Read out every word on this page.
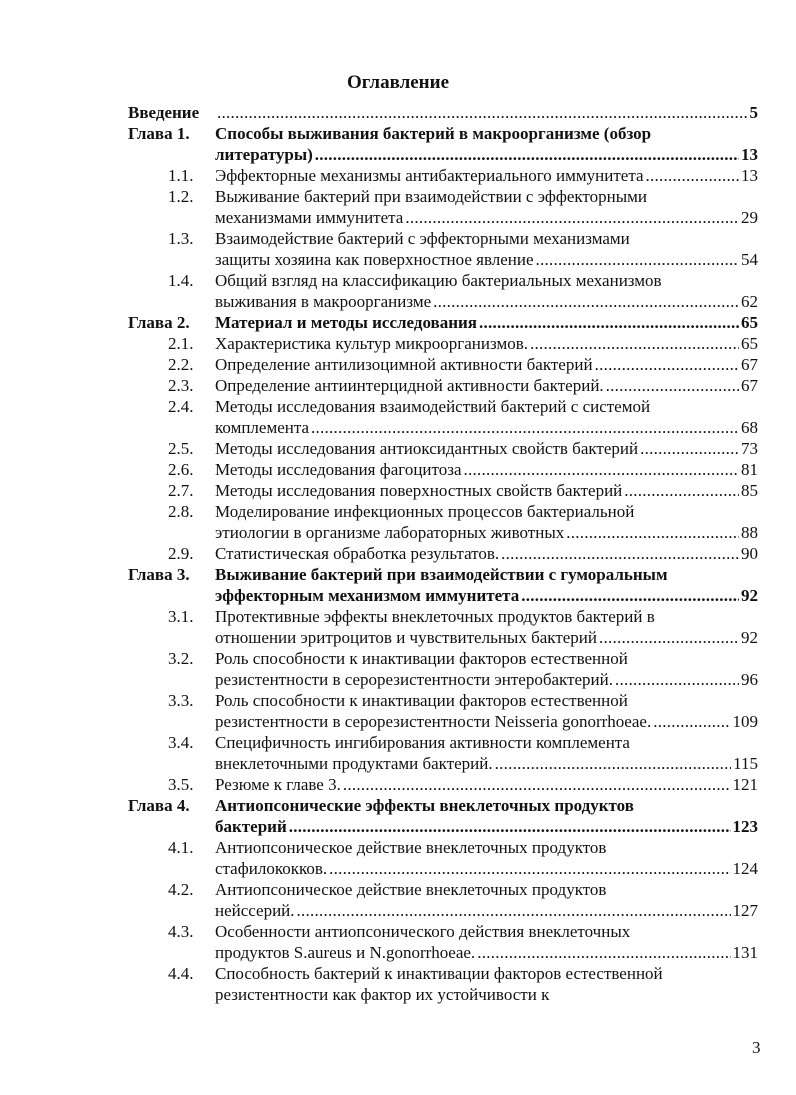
Оглавление
Введение . . .	5
Глава 1.	Способы выживания бактерий в макроорганизме (обзор
литературы) . . .	13
1.1.	Эффекторные механизмы антибактериального иммунитета . . .	13
1.2.	Выживание бактерий при взаимодействии с эффекторными
механизмами иммунитета . . .	29
1.3.	Взаимодействие бактерий с эффекторными механизмами
защиты хозяина как поверхностное явление . . .	54
1.4.	Общий взгляд на классификацию бактериальных механизмов
выживания в макроорганизме . . .	62
Глава 2.	Материал и методы исследования . . .	65
2.1.	Характеристика культур микроорганизмов. . . .	65
2.2.	Определение антилизоцимной активности бактерий . . .	67
2.3.	Определение антиинтерцидной активности бактерий. . . .	67
2.4.	Методы исследования взаимодействий бактерий с системой
комплемента . . .	68
2.5.	Методы исследования антиоксидантных свойств бактерий . . .	73
2.6.	Методы исследования фагоцитоза . . .	81
2.7.	Методы исследования поверхностных свойств бактерий . . .	85
2.8.	Моделирование инфекционных процессов бактериальной
этиологии в организме лабораторных животных . . .	88
2.9.	Статистическая обработка результатов. . . .	90
Глава 3.	Выживание бактерий при взаимодействии с гуморальным
эффекторным механизмом иммунитета . . .	92
3.1.	Протективные эффекты внеклеточных продуктов бактерий в
отношении эритроцитов и чувствительных бактерий . . .	92
3.2.	Роль способности к инактивации факторов естественной
резистентности в серорезистентности энтеробактерий. . . .	96
3.3.	Роль способности к инактивации факторов естественной
резистентности в серорезистентности Neisseria gonorrhoeae. . . .	109
3.4.	Специфичность ингибирования активности комплемента
внеклеточными продуктами бактерий. . . .	115
3.5.	Резюме к главе 3. . . .	121
Глава 4.	Антиопсонические эффекты внеклеточных продуктов
бактерий . . .	123
4.1.	Антиопсоническое действие внеклеточных продуктов
стафилококков. . . .	124
4.2.	Антиопсоническое действие внеклеточных продуктов
нейссерий. . . .	127
4.3.	Особенности антиопсонического действия внеклеточных
продуктов S.aureus и N.gonorrhoeae. . . .	131
4.4.	Способность бактерий к инактивации факторов естественной
резистентности как фактор их устойчивости к
3
